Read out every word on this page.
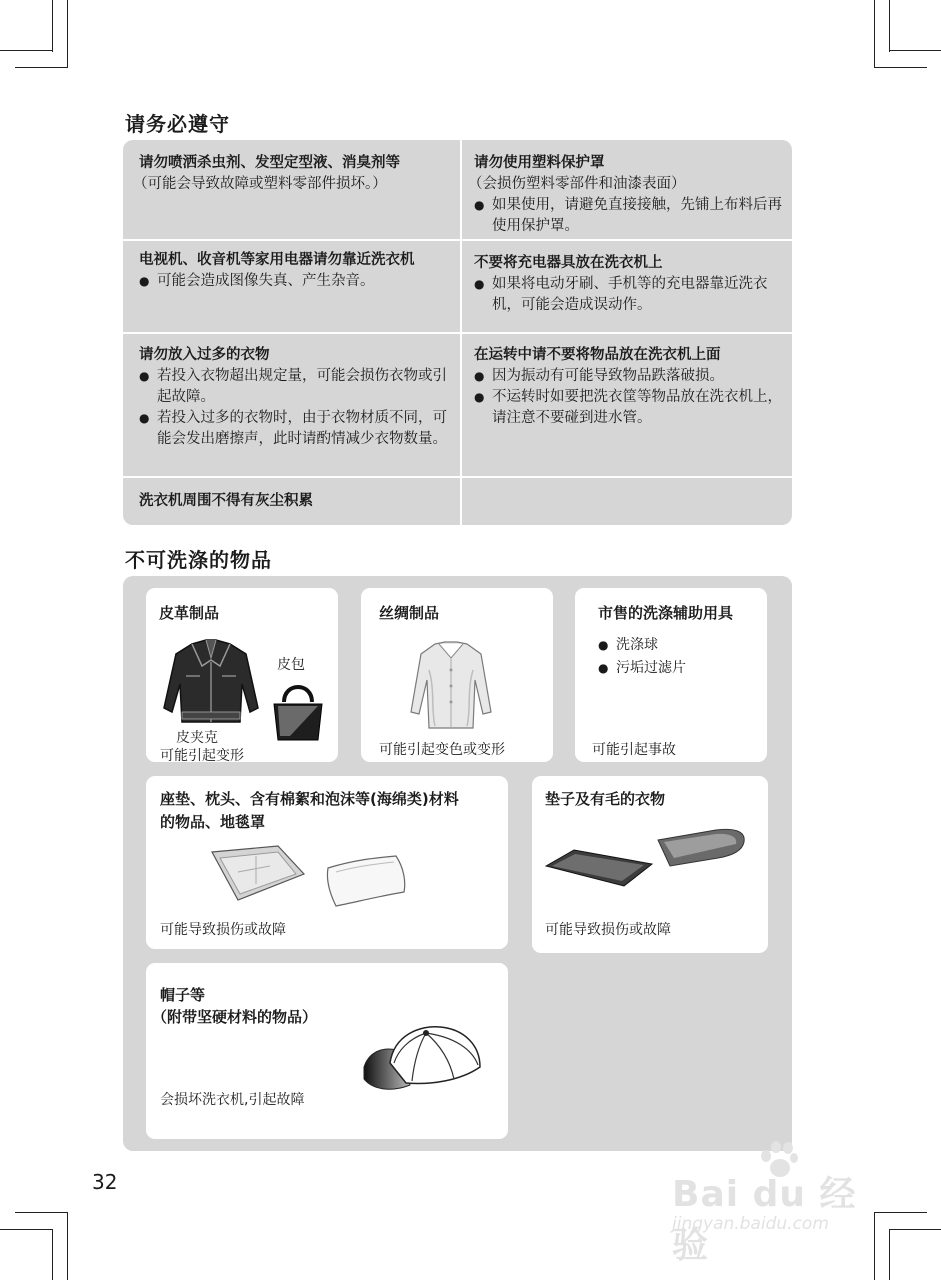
请务必遵守
请勿喷洒杀虫剂、发型定型液、消臭剂等
（可能会导致故障或塑料零部件损坏。）
请勿使用塑料保护罩
（会损伤塑料零部件和油漆表面）
● 如果使用，请避免直接接触，先铺上布料后再使用保护罩。
电视机、收音机等家用电器请勿靠近洗衣机
● 可能会造成图像失真、产生杂音。
不要将充电器具放在洗衣机上
● 如果将电动牙刷、手机等的充电器靠近洗衣机，可能会造成误动作。
请勿放入过多的衣物
● 若投入衣物超出规定量，可能会损伤衣物或引起故障。
● 若投入过多的衣物时，由于衣物材质不同，可能会发出磨擦声，此时请酌情减少衣物数量。
在运转中请不要将物品放在洗衣机上面
● 因为振动有可能导致物品跌落破损。
● 不运转时如要把洗衣筐等物品放在洗衣机上，请注意不要碰到进水管。
洗衣机周围不得有灰尘积累
不可洗涤的物品
皮革制品
皮包
皮夹克
可能引起变形
丝绸制品
可能引起变色或变形
市售的洗涤辅助用具
● 洗涤球
● 污垢过滤片
可能引起事故
座垫、枕头、含有棉絮和泡沫等(海绵类)材料
的物品、地毯罩
可能导致损伤或故障
垫子及有毛的衣物
可能导致损伤或故障
帽子等
（附带坚硬材料的物品）
会损坏洗衣机,引起故障
32	Bai du 经验
jingyan.baidu.com
